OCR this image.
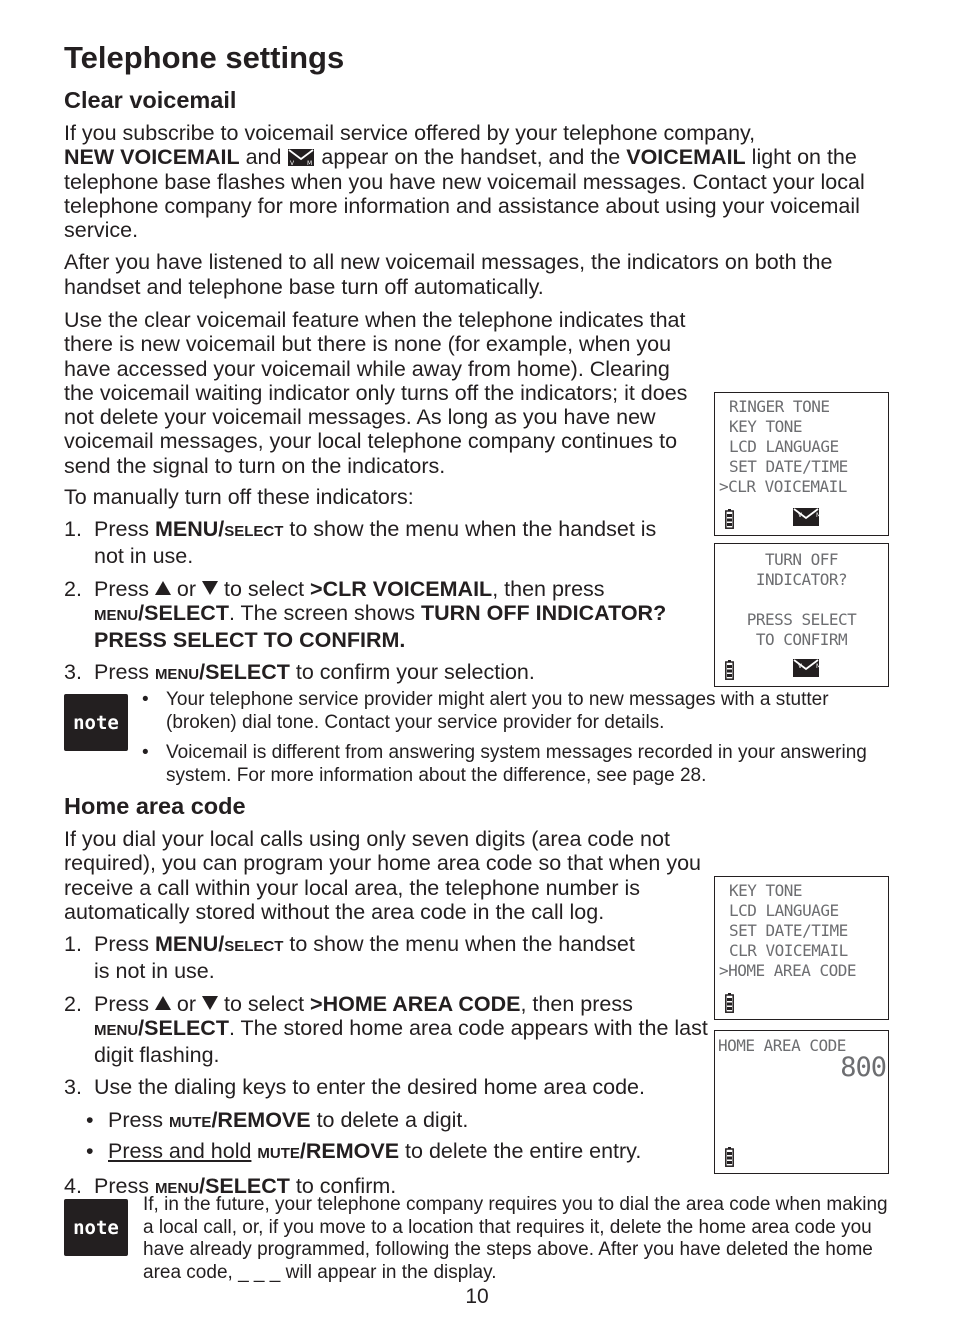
Telephone settings
Clear voicemail

If you subscribe to voicemail service offered by your telephone company,
NEW VOICEMAIL and V M appear on the handset, and the VOICEMAIL light on the telephone base flashes when you have new voicemail messages. Contact your local telephone company for more information and assistance about using your voicemail service.

After you have listened to all new voicemail messages, the indicators on both the handset and telephone base turn off automatically.

Use the clear voicemail feature when the telephone indicates that there is new voicemail but there is none (for example, when you have accessed your voicemail while away from home). Clearing the voicemail waiting indicator only turns off the indicators; it does not delete your voicemail messages. As long as you have new voicemail messages, your local telephone company continues to send the signal to turn on the indicators.

To manually turn off these indicators:
1. Press MENU/SELECT to show the menu when the handset is not in use.
2. Press  or  to select >CLR VOICEMAIL, then press MENU/SELECT. The screen shows TURN OFF INDICATOR? PRESS SELECT TO CONFIRM.
3. Press MENU/SELECT to confirm your selection.
RINGER TONE
KEY TONE
LCD LANGUAGE
SET DATE/TIME
>CLR VOICEMAIL
V M
TURN OFF
INDICATOR?
PRESS SELECT
TO CONFIRM
V M
note
• Your telephone service provider might alert you to new messages with a stutter (broken) dial tone. Contact your service provider for details.
• Voicemail is different from answering system messages recorded in your answering system. For more information about the difference, see page 28.
Home area code
If you dial your local calls using only seven digits (area code not required), you can program your home area code so that when you receive a call within your local area, the telephone number is automatically stored without the area code in the call log.
1. Press MENU/SELECT to show the menu when the handset is not in use.
2. Press  or  to select >HOME AREA CODE, then press MENU/SELECT. The stored home area code appears with the last digit flashing.
3. Use the dialing keys to enter the desired home area code.
• Press MUTE/REMOVE to delete a digit.
• Press and hold MUTE/REMOVE to delete the entire entry.
4. Press MENU/SELECT to confirm.
KEY TONE
LCD LANGUAGE
SET DATE/TIME
CLR VOICEMAIL
>HOME AREA CODE
HOME AREA CODE
800
note
If, in the future, your telephone company requires you to dial the area code when making a local call, or, if you move to a location that requires it, delete the home area code you have already programmed, following the steps above. After you have deleted the home area code, _ _ _ will appear in the display.
10
